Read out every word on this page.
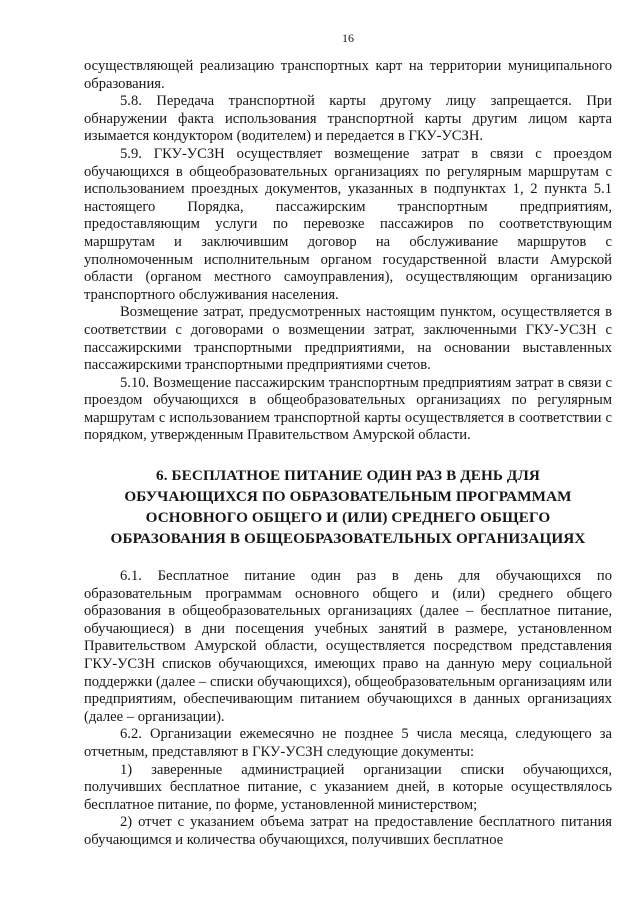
16

осуществляющей реализацию транспортных карт на территории муниципального образования.

5.8. Передача транспортной карты другому лицу запрещается. При обнаружении факта использования транспортной карты другим лицом карта изымается кондуктором (водителем) и передается в ГКУ-УСЗН.

5.9. ГКУ-УСЗН осуществляет возмещение затрат в связи с проездом обучающихся в общеобразовательных организациях по регулярным маршрутам с использованием проездных документов, указанных в подпунктах 1, 2 пункта 5.1 настоящего Порядка, пассажирским транспортным предприятиям, предоставляющим услуги по перевозке пассажиров по соответствующим маршрутам и заключившим договор на обслуживание маршрутов с уполномоченным исполнительным органом государственной власти Амурской области (органом местного самоуправления), осуществляющим организацию транспортного обслуживания населения.

Возмещение затрат, предусмотренных настоящим пунктом, осуществляется в соответствии с договорами о возмещении затрат, заключенными ГКУ-УСЗН с пассажирскими транспортными предприятиями, на основании выставленных пассажирскими транспортными предприятиями счетов.

5.10. Возмещение пассажирским транспортным предприятиям затрат в связи с проездом обучающихся в общеобразовательных организациях по регулярным маршрутам с использованием транспортной карты осуществляется в соответствии с порядком, утвержденным Правительством Амурской области.

6. БЕСПЛАТНОЕ ПИТАНИЕ ОДИН РАЗ В ДЕНЬ ДЛЯ
ОБУЧАЮЩИХСЯ ПО ОБРАЗОВАТЕЛЬНЫМ ПРОГРАММАМ
ОСНОВНОГО ОБЩЕГО И (ИЛИ) СРЕДНЕГО ОБЩЕГО
ОБРАЗОВАНИЯ В ОБЩЕОБРАЗОВАТЕЛЬНЫХ ОРГАНИЗАЦИЯХ

6.1. Бесплатное питание один раз в день для обучающихся по образовательным программам основного общего и (или) среднего общего образования в общеобразовательных организациях (далее – бесплатное питание, обучающиеся) в дни посещения учебных занятий в размере, установленном Правительством Амурской области, осуществляется посредством представления ГКУ-УСЗН списков обучающихся, имеющих право на данную меру социальной поддержки (далее – списки обучающихся), общеобразовательным организациям или предприятиям, обеспечивающим питанием обучающихся в данных организациях (далее – организации).

6.2. Организации ежемесячно не позднее 5 числа месяца, следующего за отчетным, представляют в ГКУ-УСЗН следующие документы:

1) заверенные администрацией организации списки обучающихся, получивших бесплатное питание, с указанием дней, в которые осуществлялось бесплатное питание, по форме, установленной министерством;

2) отчет с указанием объема затрат на предоставление бесплатного питания обучающимся и количества обучающихся, получивших бесплатное
